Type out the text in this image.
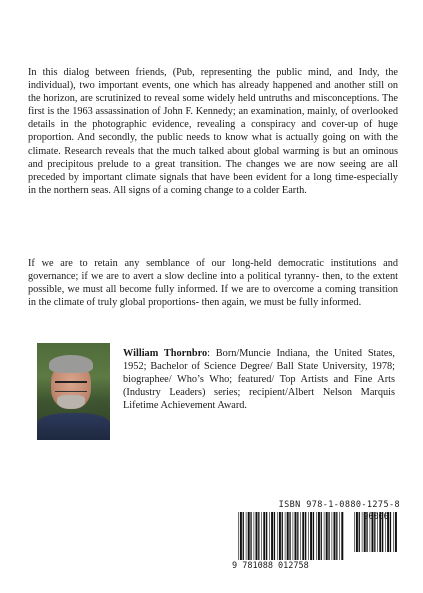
In this dialog between friends, (Pub, representing the public mind, and Indy, the individual), two important events, one which has already happened and another still on the horizon, are scrutinized to reveal some widely held untruths and misconceptions. The first is the 1963 assassination of John F. Kennedy; an examination, mainly, of overlooked details in the photographic evidence, revealing a conspiracy and cover-up of huge proportion. And secondly, the public needs to know what is actually going on with the climate. Research reveals that the much talked about global warming is but an ominous and precipitous prelude to a great transition. The changes we are now seeing are all preceded by important climate signals that have been evident for a long time-especially in the northern seas. All signs of a coming change to a colder Earth.

If we are to retain any semblance of our long-held democratic institutions and governance; if we are to avert a slow decline into a political tyranny- then, to the extent possible, we must all become fully informed. If we are to overcome a coming transition in the climate of truly global proportions- then again, we must be fully informed.

William Thornbro: Born/Muncie Indiana, the United States, 1952; Bachelor of Science Degree/ Ball State University, 1978; biographee/ Who’s Who; featured/ Top Artists and Fine Arts (Industry Leaders) series; recipient/Albert Nelson Marquis Lifetime Achievement Award.

ISBN 978-1-0880-1275-8
90000
9 781088 012758
